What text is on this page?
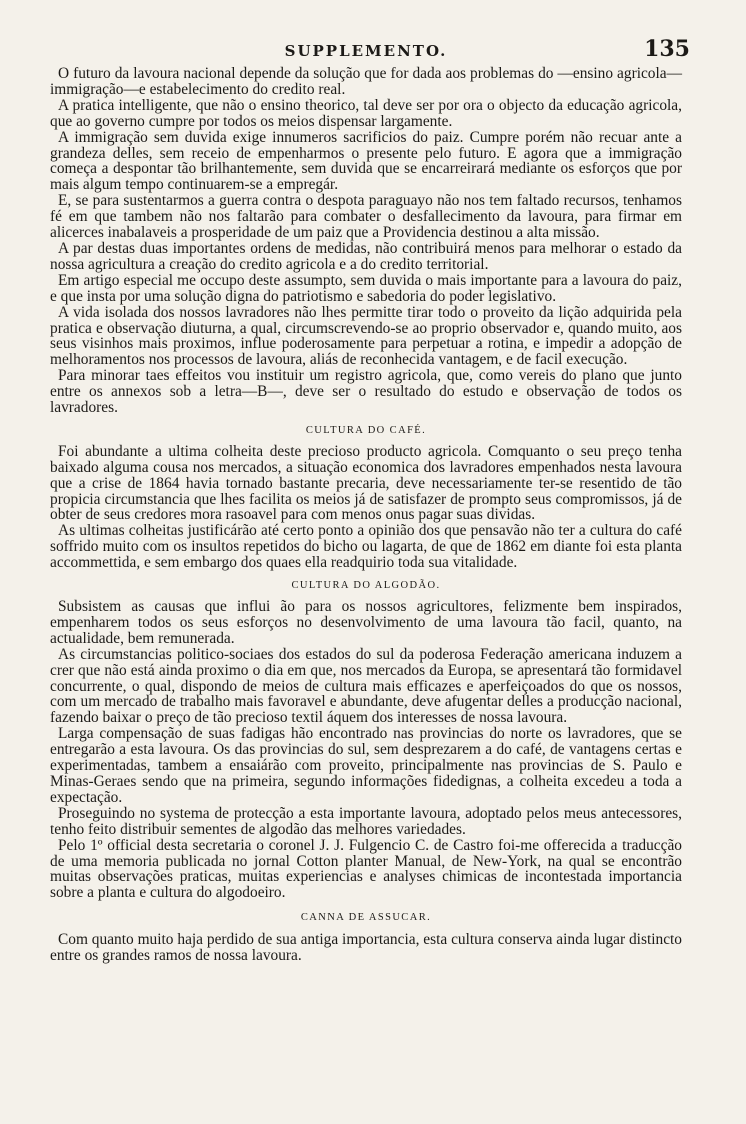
SUPPLEMENTO.	135

O futuro da lavoura nacional depende da solução que for dada aos problemas do —ensino agricola—immigração—e estabelecimento do credito real.

A pratica intelligente, que não o ensino theorico, tal deve ser por ora o objecto da educação agricola, que ao governo cumpre por todos os meios dispensar largamente.

A immigração sem duvida exige innumeros sacrificios do paiz. Cumpre porém não recuar ante a grandeza delles, sem receio de empenharmos o presente pelo futuro. E agora que a immigração começa a despontar tão brilhantemente, sem duvida que se encarreirará mediante os esforços que por mais algum tempo continuarem-se a empregár.

E, se para sustentarmos a guerra contra o despota paraguayo não nos tem faltado recursos, tenhamos fé em que tambem não nos faltarão para combater o desfallecimento da lavoura, para firmar em alicerces inabalaveis a prosperidade de um paiz que a Providencia destinou a alta missão.

A par destas duas importantes ordens de medidas, não contribuirá menos para melhorar o estado da nossa agricultura a creação do credito agricola e a do credito territorial.

Em artigo especial me occupo deste assumpto, sem duvida o mais importante para a lavoura do paiz, e que insta por uma solução digna do patriotismo e sabedoria do poder legislativo.

A vida isolada dos nossos lavradores não lhes permitte tirar todo o proveito da lição adquirida pela pratica e observação diuturna, a qual, circumscrevendo-se ao proprio observador e, quando muito, aos seus visinhos mais proximos, influe poderosamente para perpetuar a rotina, e impedir a adopção de melhoramentos nos processos de lavoura, aliás de reconhecida vantagem, e de facil execução.

Para minorar taes effeitos vou instituir um registro agricola, que, como vereis do plano que junto entre os annexos sob a letra—B—, deve ser o resultado do estudo e observação de todos os lavradores.

CULTURA DO CAFÉ.

Foi abundante a ultima colheita deste precioso producto agricola. Comquanto o seu preço tenha baixado alguma cousa nos mercados, a situação economica dos lavradores empenhados nesta lavoura que a crise de 1864 havia tornado bastante precaria, deve necessariamente ter-se resentido de tão propicia circumstancia que lhes facilita os meios já de satisfazer de prompto seus compromissos, já de obter de seus credores mora rasoavel para com menos onus pagar suas dividas.

As ultimas colheitas justificárão até certo ponto a opinião dos que pensavão não ter a cultura do café soffrido muito com os insultos repetidos do bicho ou lagarta, de que de 1862 em diante foi esta planta accommettida, e sem embargo dos quaes ella readquirio toda sua vitalidade.

CULTURA DO ALGODÃO.

Subsistem as causas que influi ão para os nossos agricultores, felizmente bem inspirados, empenharem todos os seus esforços no desenvolvimento de uma lavoura tão facil, quanto, na actualidade, bem remunerada.

As circumstancias politico-sociaes dos estados do sul da poderosa Federação americana induzem a crer que não está ainda proximo o dia em que, nos mercados da Europa, se apresentará tão formidavel concurrente, o qual, dispondo de meios de cultura mais efficazes e aperfeiçoados do que os nossos, com um mercado de trabalho mais favoravel e abundante, deve afugentar delles a producção nacional, fazendo baixar o preço de tão precioso textil áquem dos interesses de nossa lavoura.

Larga compensação de suas fadigas hão encontrado nas provincias do norte os lavradores, que se entregarão a esta lavoura. Os das provincias do sul, sem desprezarem a do café, de vantagens certas e experimentadas, tambem a ensaiárão com proveito, principalmente nas provincias de S. Paulo e Minas-Geraes sendo que na primeira, segundo informações fidedignas, a colheita excedeu a toda a expectação.

Proseguindo no systema de protecção a esta importante lavoura, adoptado pelos meus antecessores, tenho feito distribuir sementes de algodão das melhores variedades.

Pelo 1º official desta secretaria o coronel J. J. Fulgencio C. de Castro foi-me offerecida a traducção de uma memoria publicada no jornal Cotton planter Manual, de New-York, na qual se encontrão muitas observações praticas, muitas experiencias e analyses chimicas de incontestada importancia sobre a planta e cultura do algodoeiro.

CANNA DE ASSUCAR.

Com quanto muito haja perdido de sua antiga importancia, esta cultura conserva ainda lugar distincto entre os grandes ramos de nossa lavoura.
